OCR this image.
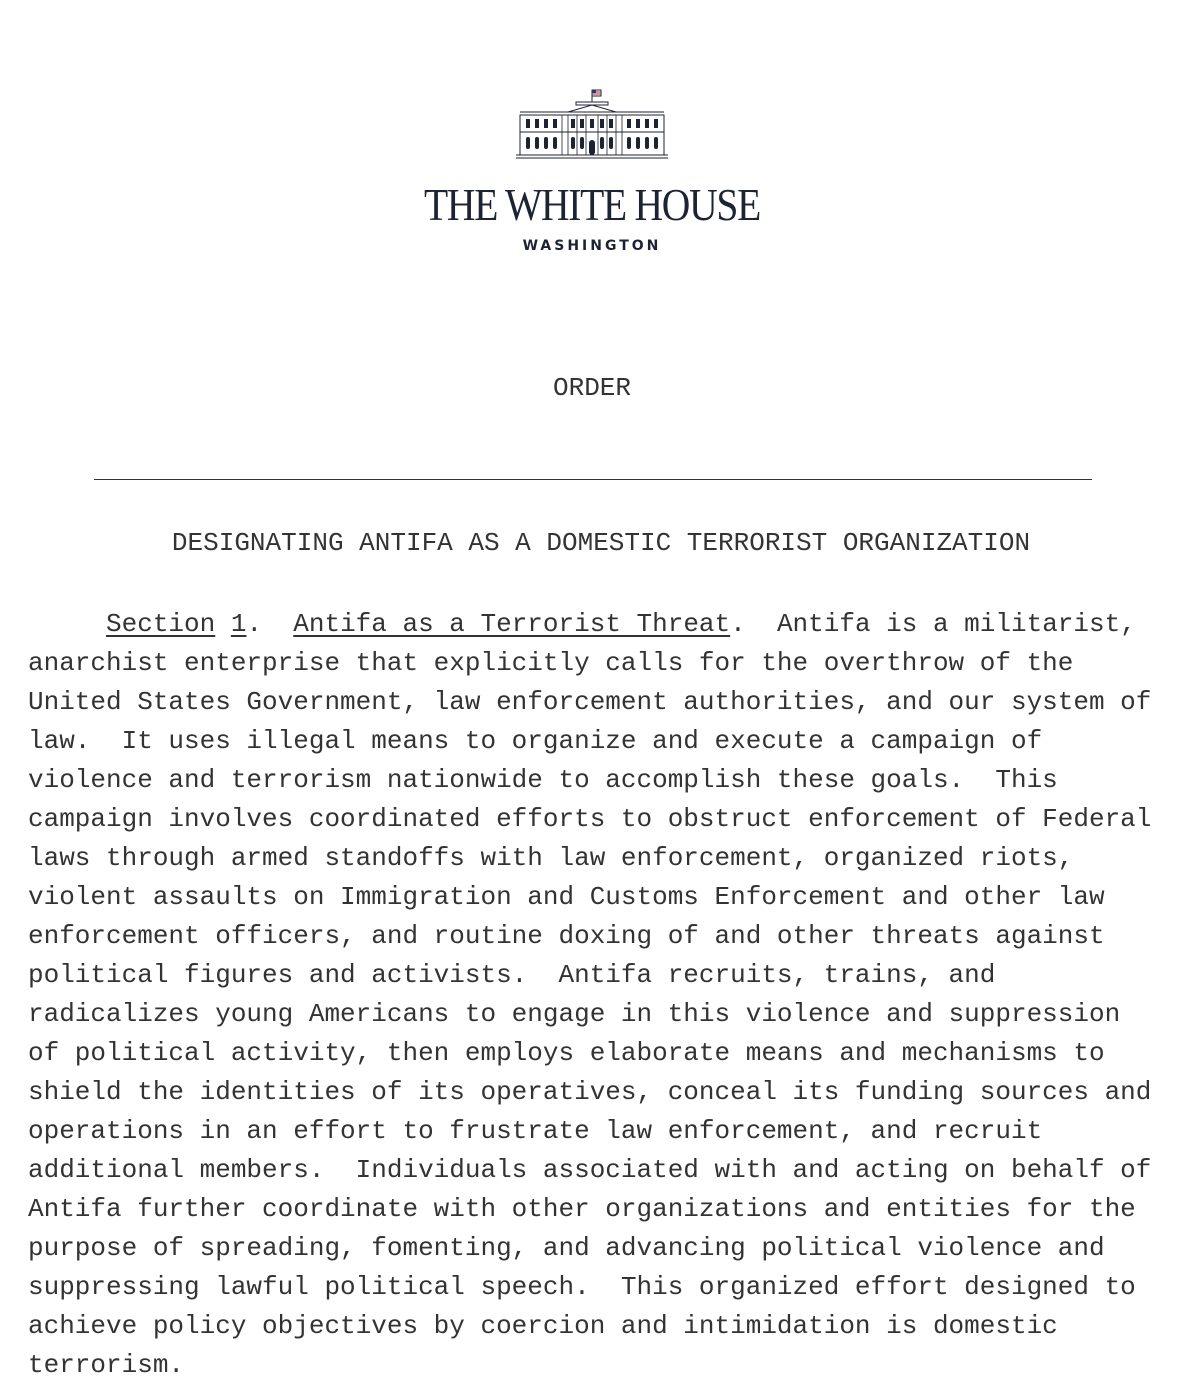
THE WHITE HOUSE
WASHINGTON
ORDER
DESIGNATING ANTIFA AS A DOMESTIC TERRORIST ORGANIZATION
Section 1.  Antifa as a Terrorist Threat.  Antifa is a militarist,
anarchist enterprise that explicitly calls for the overthrow of the
United States Government, law enforcement authorities, and our system of
law.  It uses illegal means to organize and execute a campaign of
violence and terrorism nationwide to accomplish these goals.  This
campaign involves coordinated efforts to obstruct enforcement of Federal
laws through armed standoffs with law enforcement, organized riots,
violent assaults on Immigration and Customs Enforcement and other law
enforcement officers, and routine doxing of and other threats against
political figures and activists.  Antifa recruits, trains, and
radicalizes young Americans to engage in this violence and suppression
of political activity, then employs elaborate means and mechanisms to
shield the identities of its operatives, conceal its funding sources and
operations in an effort to frustrate law enforcement, and recruit
additional members.  Individuals associated with and acting on behalf of
Antifa further coordinate with other organizations and entities for the
purpose of spreading, fomenting, and advancing political violence and
suppressing lawful political speech.  This organized effort designed to
achieve policy objectives by coercion and intimidation is domestic
terrorism.
